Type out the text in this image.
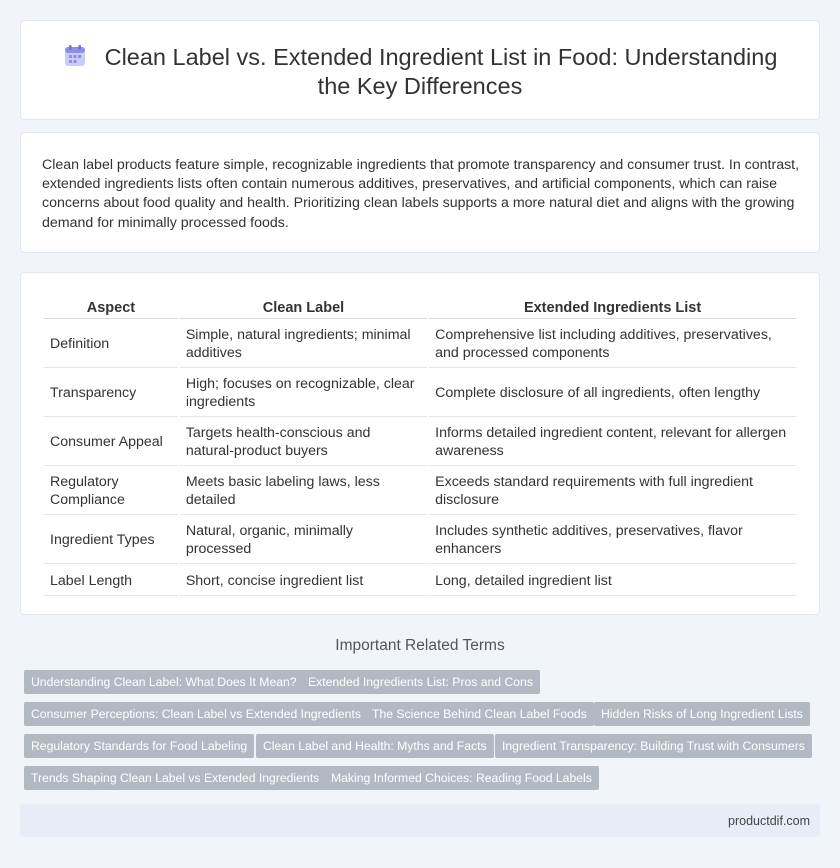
Clean Label vs. Extended Ingredient List in Food: Understanding the Key Differences

Clean label products feature simple, recognizable ingredients that promote transparency and consumer trust. In contrast, extended ingredients lists often contain numerous additives, preservatives, and artificial components, which can raise concerns about food quality and health. Prioritizing clean labels supports a more natural diet and aligns with the growing demand for minimally processed foods.

Aspect	Clean Label	Extended Ingredients List
Definition	Simple, natural ingredients; minimal additives	Comprehensive list including additives, preservatives, and processed components
Transparency	High; focuses on recognizable, clear ingredients	Complete disclosure of all ingredients, often lengthy
Consumer Appeal	Targets health-conscious and natural-product buyers	Informs detailed ingredient content, relevant for allergen awareness
Regulatory Compliance	Meets basic labeling laws, less detailed	Exceeds standard requirements with full ingredient disclosure
Ingredient Types	Natural, organic, minimally processed	Includes synthetic additives, preservatives, flavor enhancers
Label Length	Short, concise ingredient list	Long, detailed ingredient list
Important Related Terms
Understanding Clean Label: What Does It Mean? Extended Ingredients List: Pros and Cons
Consumer Perceptions: Clean Label vs Extended Ingredients The Science Behind Clean Label Foods	Hidden Risks of Long Ingredient Lists
Regulatory Standards for Food Labeling	Clean Label and Health: Myths and Facts	Ingredient Transparency: Building Trust with Consumers
Trends Shaping Clean Label vs Extended Ingredients Making Informed Choices: Reading Food Labels
productdif.com
